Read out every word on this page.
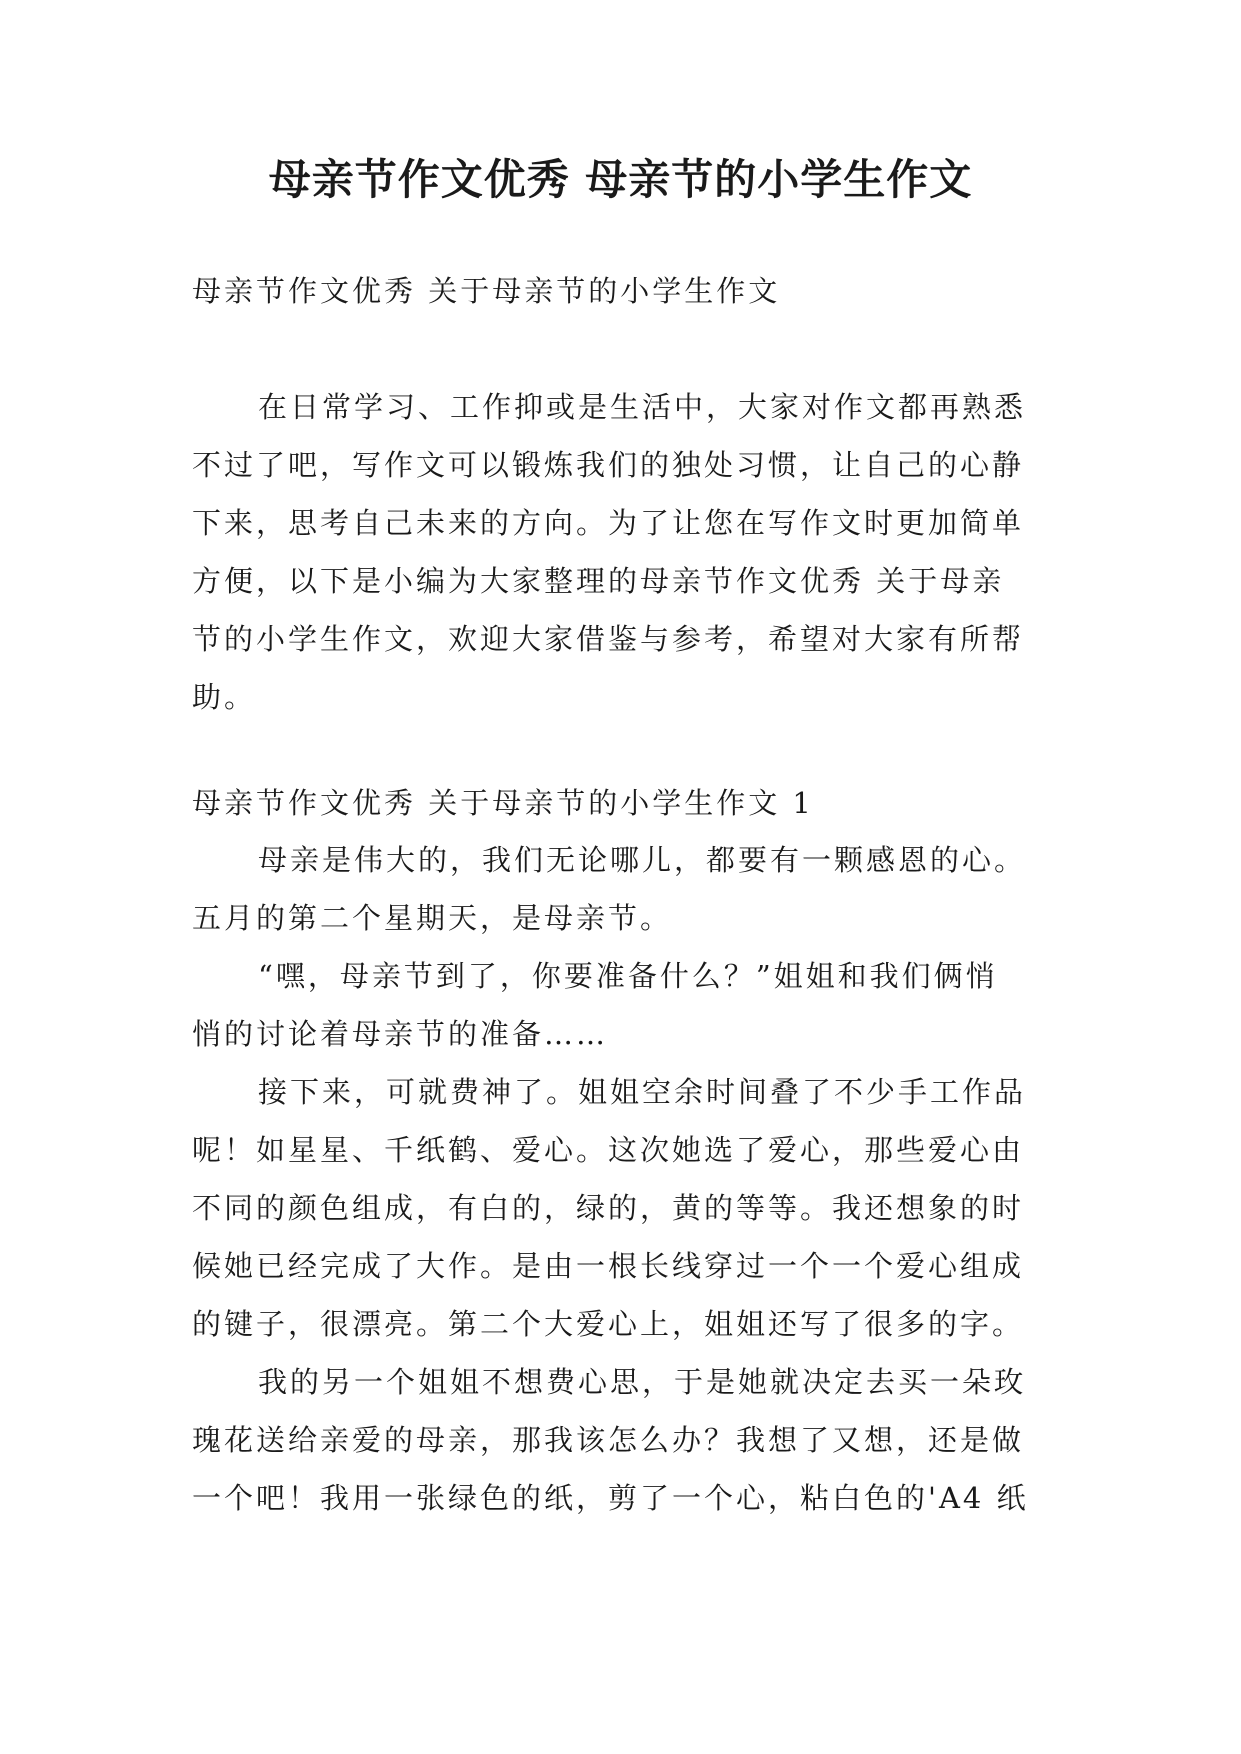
母亲节作文优秀 母亲节的小学生作文
母亲节作文优秀 关于母亲节的小学生作文
在日常学习、工作抑或是生活中，大家对作文都再熟悉
不过了吧，写作文可以锻炼我们的独处习惯，让自己的心静
下来，思考自己未来的方向。为了让您在写作文时更加简单
方便，以下是小编为大家整理的母亲节作文优秀 关于母亲
节的小学生作文，欢迎大家借鉴与参考，希望对大家有所帮
助。
母亲节作文优秀 关于母亲节的小学生作文 1
母亲是伟大的，我们无论哪儿，都要有一颗感恩的心。
五月的第二个星期天，是母亲节。
“嘿，母亲节到了，你要准备什么？”姐姐和我们俩悄
悄的讨论着母亲节的准备……
接下来，可就费神了。姐姐空余时间叠了不少手工作品
呢！如星星、千纸鹤、爱心。这次她选了爱心，那些爱心由
不同的颜色组成，有白的，绿的，黄的等等。我还想象的时
候她已经完成了大作。是由一根长线穿过一个一个爱心组成
的键子，很漂亮。第二个大爱心上，姐姐还写了很多的字。
我的另一个姐姐不想费心思，于是她就决定去买一朵玫
瑰花送给亲爱的母亲，那我该怎么办？我想了又想，还是做
一个吧！我用一张绿色的纸，剪了一个心，粘白色的'A4 纸
